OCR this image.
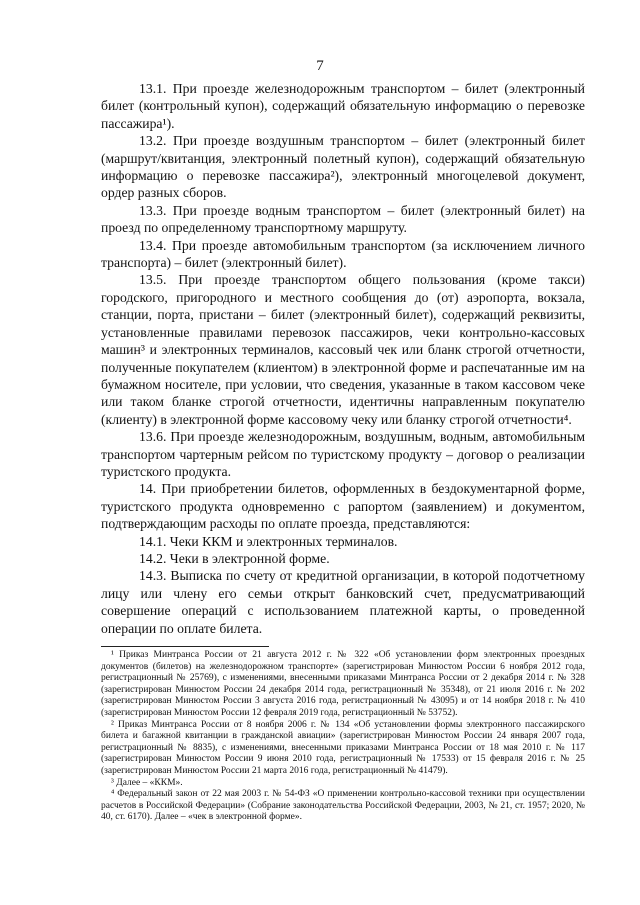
7

13.1. При проезде железнодорожным транспортом – билет (электронный билет (контрольный купон), содержащий обязательную информацию о перевозке пассажира¹).

13.2. При проезде воздушным транспортом – билет (электронный билет (маршрут/квитанция, электронный полетный купон), содержащий обязательную информацию о перевозке пассажира²), электронный многоцелевой документ, ордер разных сборов.

13.3. При проезде водным транспортом – билет (электронный билет) на проезд по определенному транспортному маршруту.

13.4. При проезде автомобильным транспортом (за исключением личного транспорта) – билет (электронный билет).

13.5. При проезде транспортом общего пользования (кроме такси) городского, пригородного и местного сообщения до (от) аэропорта, вокзала, станции, порта, пристани – билет (электронный билет), содержащий реквизиты, установленные правилами перевозок пассажиров, чеки контрольно-кассовых машин³ и электронных терминалов, кассовый чек или бланк строгой отчетности, полученные покупателем (клиентом) в электронной форме и распечатанные им на бумажном носителе, при условии, что сведения, указанные в таком кассовом чеке или таком бланке строгой отчетности, идентичны направленным покупателю (клиенту) в электронной форме кассовому чеку или бланку строгой отчетности⁴.

13.6. При проезде железнодорожным, воздушным, водным, автомобильным транспортом чартерным рейсом по туристскому продукту – договор о реализации туристского продукта.

14. При приобретении билетов, оформленных в бездокументарной форме, туристского продукта одновременно с рапортом (заявлением) и документом, подтверждающим расходы по оплате проезда, представляются:

14.1. Чеки ККМ и электронных терминалов.

14.2. Чеки в электронной форме.

14.3. Выписка по счету от кредитной организации, в которой подотчетному лицу или члену его семьи открыт банковский счет, предусматривающий совершение операций с использованием платежной карты, о проведенной операции по оплате билета.

¹ Приказ Минтранса России от 21 августа 2012 г. № 322 «Об установлении форм электронных проездных документов (билетов) на железнодорожном транспорте» (зарегистрирован Минюстом России 6 ноября 2012 года, регистрационный № 25769), с изменениями, внесенными приказами Минтранса России от 2 декабря 2014 г. № 328 (зарегистрирован Минюстом России 24 декабря 2014 года, регистрационный № 35348), от 21 июля 2016 г. № 202 (зарегистрирован Минюстом России 3 августа 2016 года, регистрационный № 43095) и от 14 ноября 2018 г. № 410 (зарегистрирован Минюстом России 12 февраля 2019 года, регистрационный № 53752).

² Приказ Минтранса России от 8 ноября 2006 г. № 134 «Об установлении формы электронного пассажирского билета и багажной квитанции в гражданской авиации» (зарегистрирован Минюстом России 24 января 2007 года, регистрационный № 8835), с изменениями, внесенными приказами Минтранса России от 18 мая 2010 г. № 117 (зарегистрирован Минюстом России 9 июня 2010 года, регистрационный № 17533) от 15 февраля 2016 г. № 25 (зарегистрирован Минюстом России 21 марта 2016 года, регистрационный № 41479).

³ Далее – «ККМ».

⁴ Федеральный закон от 22 мая 2003 г. № 54-ФЗ «О применении контрольно-кассовой техники при осуществлении расчетов в Российской Федерации» (Собрание законодательства Российской Федерации, 2003, № 21, ст. 1957; 2020, № 40, ст. 6170). Далее – «чек в электронной форме».
